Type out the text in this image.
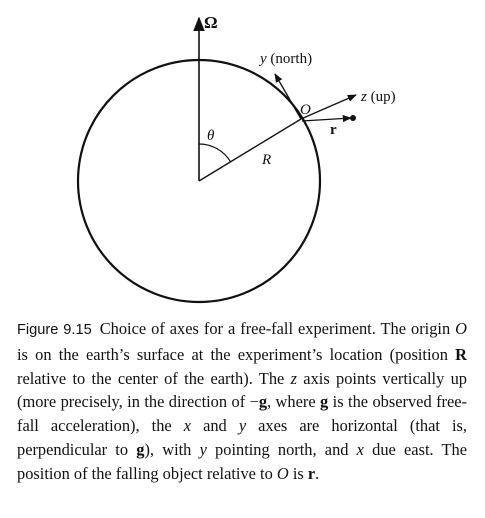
Ω
R
θ
z (up)
y (north)
O
r

Figure 9.15 Choice of axes for a free-fall experiment. The origin O is on the earth’s surface at the experiment’s location (position R relative to the center of the earth). The z axis points vertically up (more precisely, in the direction of −g, where g is the observed free-fall acceleration), the x and y axes are horizontal (that is, perpendicular to g), with y pointing north, and x due east. The position of the falling object relative to O is r.
